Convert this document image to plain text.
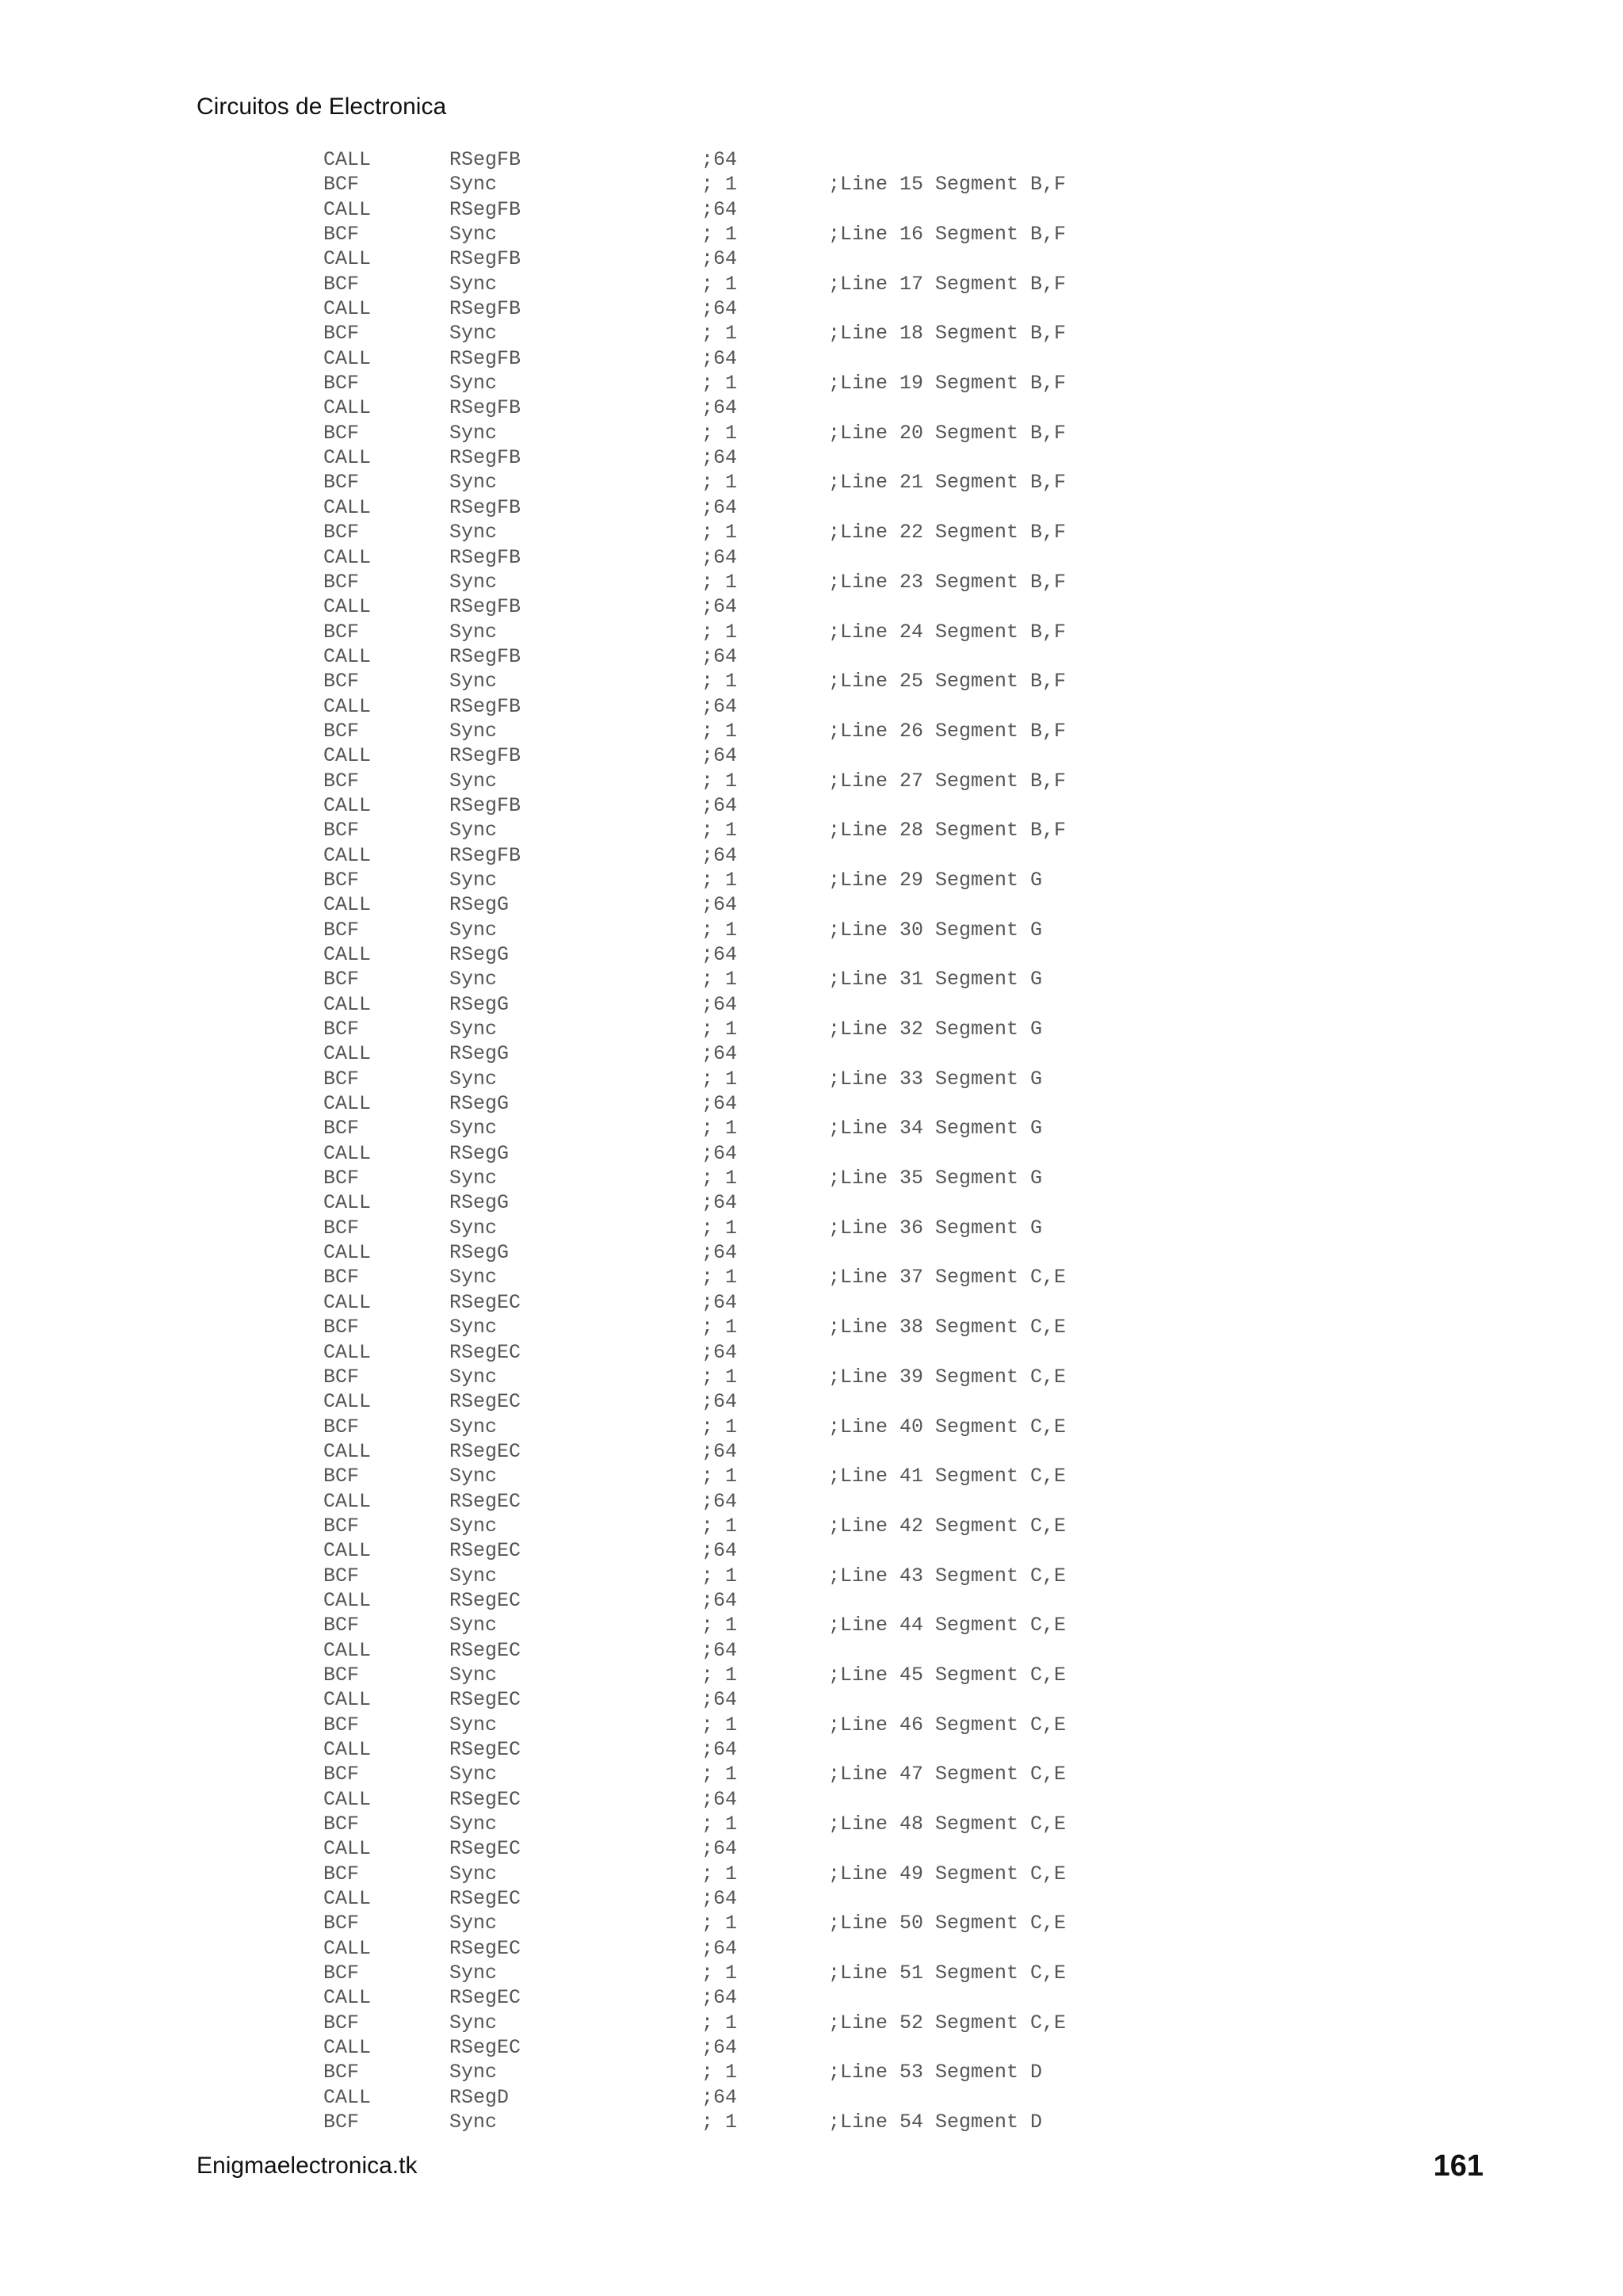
Circuitos de Electronica
CALL	RSegFB	;64
BCF	Sync	; 1	;Line 15 Segment B,F
CALL	RSegFB	;64
BCF	Sync	; 1	;Line 16 Segment B,F
CALL	RSegFB	;64
BCF	Sync	; 1	;Line 17 Segment B,F
CALL	RSegFB	;64
BCF	Sync	; 1	;Line 18 Segment B,F
CALL	RSegFB	;64
BCF	Sync	; 1	;Line 19 Segment B,F
CALL	RSegFB	;64
BCF	Sync	; 1	;Line 20 Segment B,F
CALL	RSegFB	;64
BCF	Sync	; 1	;Line 21 Segment B,F
CALL	RSegFB	;64
BCF	Sync	; 1	;Line 22 Segment B,F
CALL	RSegFB	;64
BCF	Sync	; 1	;Line 23 Segment B,F
CALL	RSegFB	;64
BCF	Sync	; 1	;Line 24 Segment B,F
CALL	RSegFB	;64
BCF	Sync	; 1	;Line 25 Segment B,F
CALL	RSegFB	;64
BCF	Sync	; 1	;Line 26 Segment B,F
CALL	RSegFB	;64
BCF	Sync	; 1	;Line 27 Segment B,F
CALL	RSegFB	;64
BCF	Sync	; 1	;Line 28 Segment B,F
CALL	RSegFB	;64
BCF	Sync	; 1	;Line 29 Segment G
CALL	RSegG	;64
BCF	Sync	; 1	;Line 30 Segment G
CALL	RSegG	;64
BCF	Sync	; 1	;Line 31 Segment G
CALL	RSegG	;64
BCF	Sync	; 1	;Line 32 Segment G
CALL	RSegG	;64
BCF	Sync	; 1	;Line 33 Segment G
CALL	RSegG	;64
BCF	Sync	; 1	;Line 34 Segment G
CALL	RSegG	;64
BCF	Sync	; 1	;Line 35 Segment G
CALL	RSegG	;64
BCF	Sync	; 1	;Line 36 Segment G
CALL	RSegG	;64
BCF	Sync	; 1	;Line 37 Segment C,E
CALL	RSegEC	;64
BCF	Sync	; 1	;Line 38 Segment C,E
CALL	RSegEC	;64
BCF	Sync	; 1	;Line 39 Segment C,E
CALL	RSegEC	;64
BCF	Sync	; 1	;Line 40 Segment C,E
CALL	RSegEC	;64
BCF	Sync	; 1	;Line 41 Segment C,E
CALL	RSegEC	;64
BCF	Sync	; 1	;Line 42 Segment C,E
CALL	RSegEC	;64
BCF	Sync	; 1	;Line 43 Segment C,E
CALL	RSegEC	;64
BCF	Sync	; 1	;Line 44 Segment C,E
CALL	RSegEC	;64
BCF	Sync	; 1	;Line 45 Segment C,E
CALL	RSegEC	;64
BCF	Sync	; 1	;Line 46 Segment C,E
CALL	RSegEC	;64
BCF	Sync	; 1	;Line 47 Segment C,E
CALL	RSegEC	;64
BCF	Sync	; 1	;Line 48 Segment C,E
CALL	RSegEC	;64
BCF	Sync	; 1	;Line 49 Segment C,E
CALL	RSegEC	;64
BCF	Sync	; 1	;Line 50 Segment C,E
CALL	RSegEC	;64
BCF	Sync	; 1	;Line 51 Segment C,E
CALL	RSegEC	;64
BCF	Sync	; 1	;Line 52 Segment C,E
CALL	RSegEC	;64
BCF	Sync	; 1	;Line 53 Segment D
CALL	RSegD	;64
BCF	Sync	; 1	;Line 54 Segment D
Enigmaelectronica.tk	161
